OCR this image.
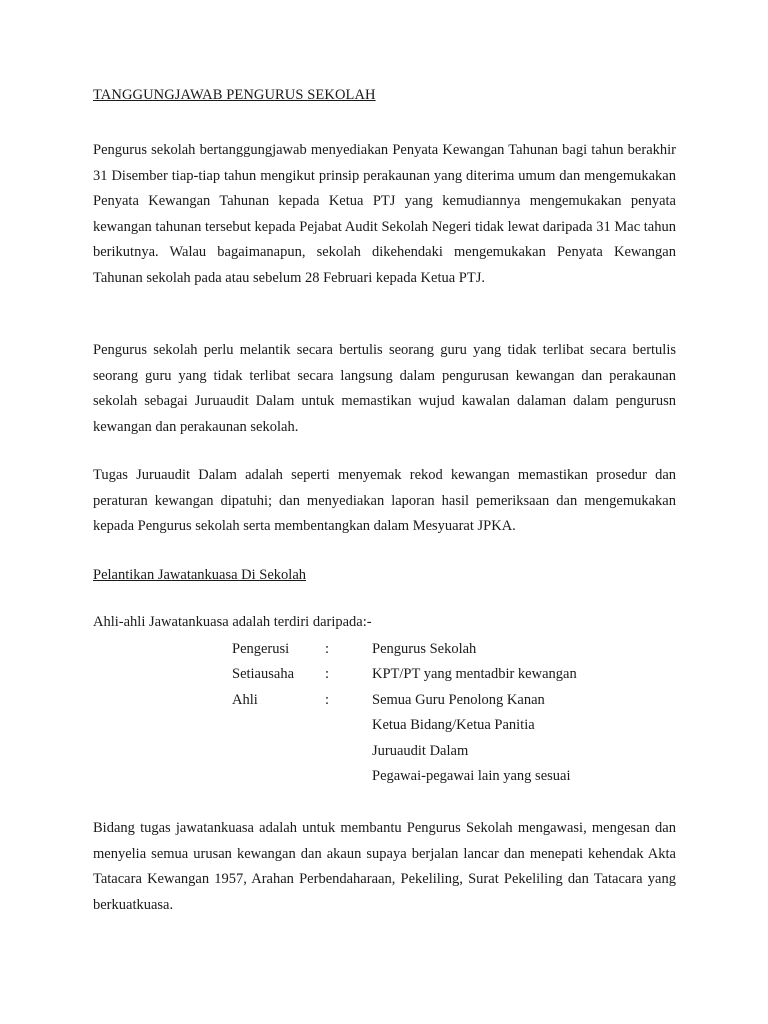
TANGGUNGJAWAB PENGURUS SEKOLAH

Pengurus sekolah bertanggungjawab menyediakan Penyata Kewangan Tahunan bagi tahun berakhir 31 Disember tiap-tiap tahun mengikut prinsip perakaunan yang diterima umum dan mengemukakan Penyata Kewangan Tahunan kepada Ketua PTJ yang kemudiannya mengemukakan penyata kewangan tahunan tersebut kepada Pejabat Audit Sekolah Negeri tidak lewat daripada 31 Mac tahun berikutnya. Walau bagaimanapun, sekolah dikehendaki mengemukakan Penyata Kewangan Tahunan sekolah pada atau sebelum 28 Februari kepada Ketua PTJ.

Pengurus sekolah perlu melantik secara bertulis seorang guru yang tidak terlibat secara bertulis seorang guru yang tidak terlibat secara langsung dalam pengurusan kewangan dan perakaunan sekolah sebagai Juruaudit Dalam untuk memastikan wujud kawalan dalaman dalam pengurusn kewangan dan perakaunan sekolah.

Tugas Juruaudit Dalam adalah seperti menyemak rekod kewangan memastikan prosedur dan peraturan kewangan dipatuhi; dan menyediakan laporan hasil pemeriksaan dan mengemukakan kepada Pengurus sekolah serta membentangkan dalam Mesyuarat JPKA.

Pelantikan Jawatankuasa Di Sekolah
Ahli-ahli Jawatankuasa adalah terdiri daripada:-
Pengerusi :	Pengurus Sekolah
Setiausaha :	KPT/PT yang mentadbir kewangan
Ahli	:	Semua Guru Penolong Kanan
Ketua Bidang/Ketua Panitia
Juruaudit Dalam
Pegawai-pegawai lain yang sesuai

Bidang tugas jawatankuasa adalah untuk membantu Pengurus Sekolah mengawasi, mengesan dan menyelia semua urusan kewangan dan akaun supaya berjalan lancar dan menepati kehendak Akta Tatacara Kewangan 1957, Arahan Perbendaharaan, Pekeliling, Surat Pekeliling dan Tatacara yang berkuatkuasa.
